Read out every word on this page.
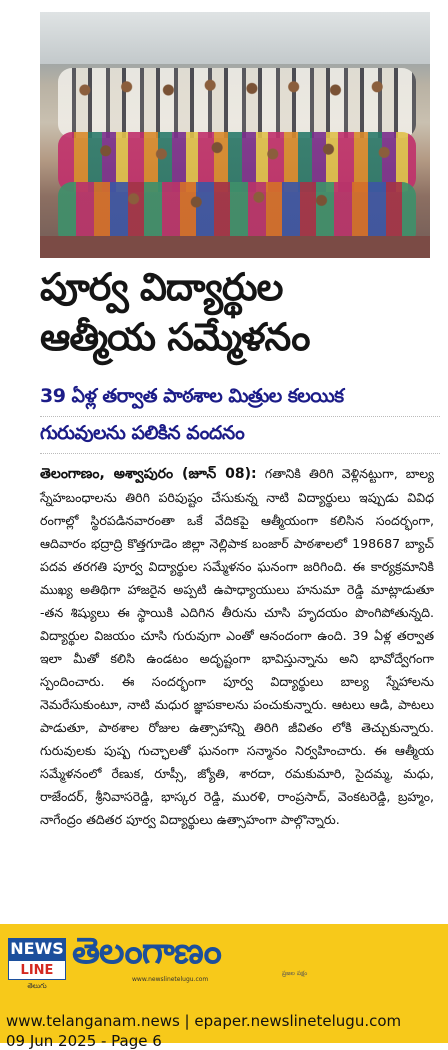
పూర్వ విద్యార్థుల
ఆత్మీయ సమ్మేళనం
39 ఏళ్ల తర్వాత పాఠశాల మిత్రుల కలయిక
గురువులను పలికిన వందనం
తెలంగాణం, అశ్వాపురం (జూన్ 08): గతానికి తిరిగి వెళ్లినట్టుగా, బాల్య స్నేహబంధాలను తిరిగి పరిపుష్టం చేసుకున్న నాటి విద్యార్థులు ఇప్పుడు వివిధ రంగాల్లో స్థిరపడినవారంతా ఒకే వేదికపై ఆత్మీయంగా కలిసిన సందర్భంగా, ఆదివారం భద్రాద్రి కొత్తగూడెం జిల్లా నెల్లిపాక బంజార్ పాఠశాలలో 198687 బ్యాచ్ పదవ తరగతి పూర్వ విద్యార్థుల సమ్మేళనం ఘనంగా జరిగింది. ఈ కార్యక్రమానికి ముఖ్య అతిథిగా హాజరైన అప్పటి ఉపాధ్యాయులు హనుమా రెడ్డి మాట్లాడుతూ -తన శిష్యులు ఈ స్థాయికి ఎదిగిన తీరును చూసి హృదయం పొంగిపోతున్నది. విద్యార్థుల విజయం చూసి గురువుగా ఎంతో ఆనందంగా ఉంది. 39 ఏళ్ల తర్వాత ఇలా మీతో కలిసి ఉండటం అదృష్టంగా భావిస్తున్నాను అని భావోద్వేగంగా స్పందించారు. ఈ సందర్భంగా పూర్వ విద్యార్థులు బాల్య స్నేహాలను నెమరేసుకుంటూ, నాటి మధుర జ్ఞాపకాలను పంచుకున్నారు. ఆటలు ఆడి, పాటలు పాడుతూ, పాఠశాల రోజుల ఉత్సాహాన్ని తిరిగి జీవితం లోకి తెచ్చుకున్నారు. గురువులకు పుష్ప గుచ్ఛాలతో ఘనంగా సన్మానం నిర్వహించారు. ఈ ఆత్మీయ సమ్మేళనంలో రేణుక, రూప్సీ, జ్యోతి, శారదా, రమకుమారి, సైదమ్మ, మధు, రాజేందర్, శ్రీనివాసరెడ్డి, భాస్కర రెడ్డి, మురళి, రాంప్రసాద్, వెంకటరెడ్డి, బ్రహ్మం, నాగేంద్రం తదితర పూర్వ విద్యార్థులు ఉత్సాహంగా పాల్గొన్నారు.
NEWS
LINE
తెలుగు
తెలంగాణం
www.newslinetelugu.com
ప్రజల పక్షం
www.telanganam.news | epaper.newslinetelugu.com
09 Jun 2025 - Page 6
